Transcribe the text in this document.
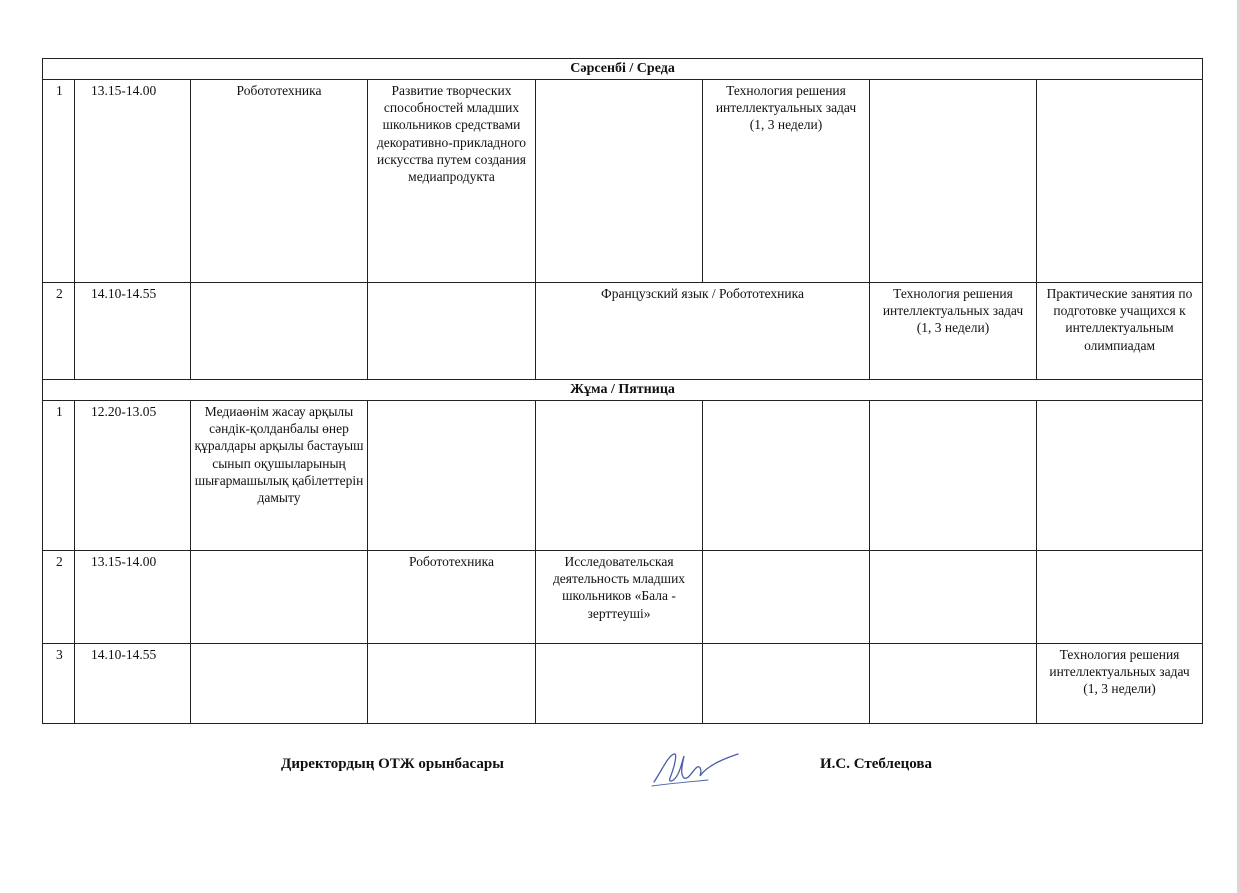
Сәрсенбі / Среда							
1	13.15-14.00	Робототехника	Развитие творческих способностей младших школьников средствами декоративно-прикладного искусства путем создания медиапродукта		Технология решения интеллектуальных задач
(1, 3 недели)		
2	14.10-14.55			Французский язык / Робототехника		Технология решения интеллектуальных задач
(1, 3 недели)	Практические занятия по подготовке учащихся к интеллектуальным олимпиадам
Жұма / Пятница							
1	12.20-13.05	Медиаөнім жасау арқылы сәндік-қолданбалы өнер құралдары арқылы бастауыш сынып оқушыларының шығармашылық қабілеттерін дамыту					
2	13.15-14.00		Робототехника	Исследовательская деятельность младших школьников «Бала - зерттеуші»			
3	14.10-14.55						Технология решения интеллектуальных задач
(1, 3 недели)
Директордың ОТЖ орынбасары	И.С. Стеблецова
